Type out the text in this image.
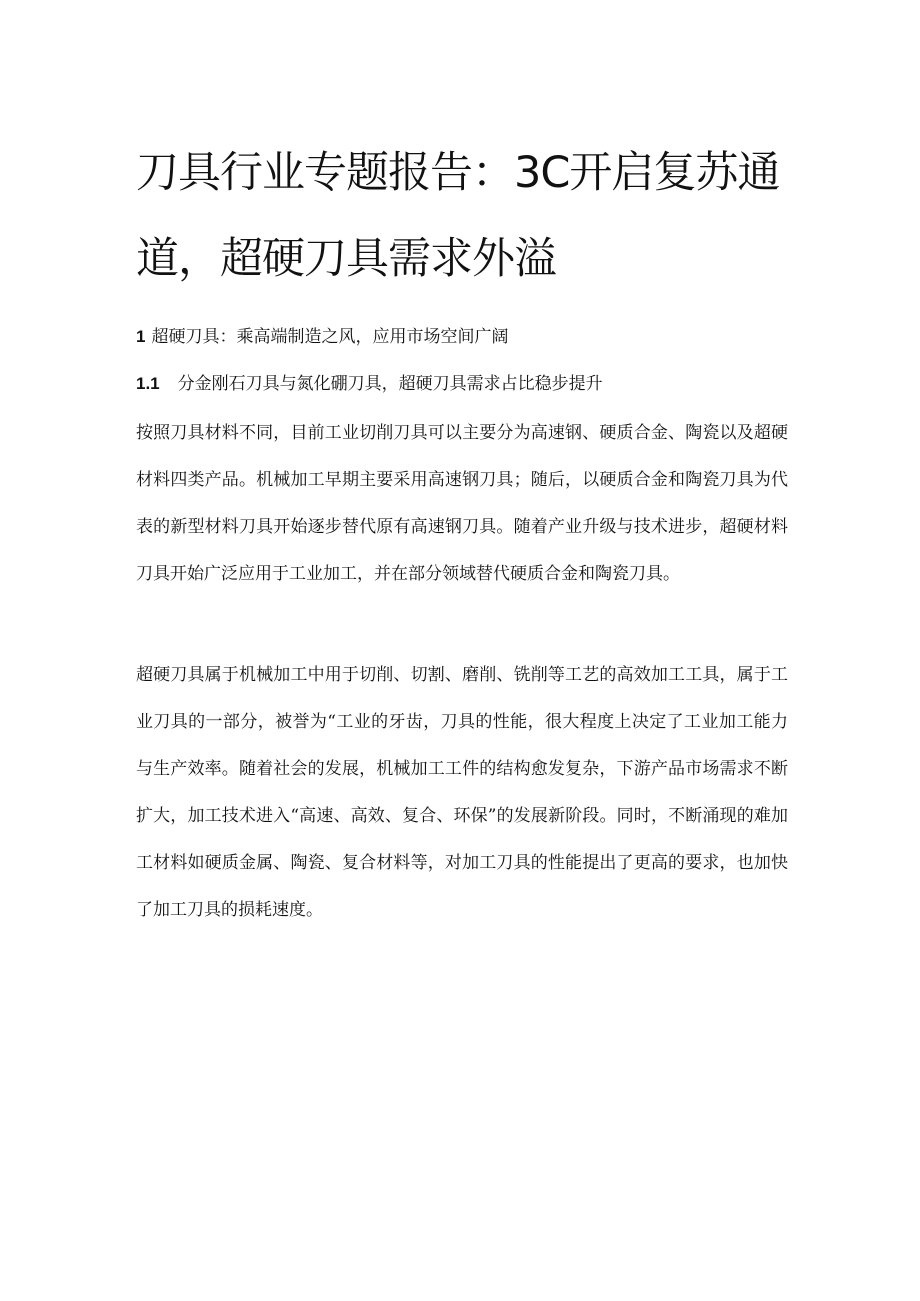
刀具行业专题报告：3C开启复苏通道，超硬刀具需求外溢
1 超硬刀具：乘高端制造之风，应用市场空间广阔
1.1 分金刚石刀具与氮化硼刀具，超硬刀具需求占比稳步提升

按照刀具材料不同，目前工业切削刀具可以主要分为高速钢、硬质合金、陶瓷以及超硬材料四类产品。机械加工早期主要采用高速钢刀具；随后，以硬质合金和陶瓷刀具为代表的新型材料刀具开始逐步替代原有高速钢刀具。随着产业升级与技术进步，超硬材料刀具开始广泛应用于工业加工，并在部分领域替代硬质合金和陶瓷刀具。

超硬刀具属于机械加工中用于切削、切割、磨削、铣削等工艺的高效加工工具，属于工业刀具的一部分，被誉为“工业的牙齿，刀具的性能，很大程度上决定了工业加工能力与生产效率。随着社会的发展，机械加工工件的结构愈发复杂，下游产品市场需求不断扩大，加工技术进入“高速、高效、复合、环保”的发展新阶段。同时，不断涌现的难加工材料如硬质金属、陶瓷、复合材料等，对加工刀具的性能提出了更高的要求，也加快了加工刀具的损耗速度。
